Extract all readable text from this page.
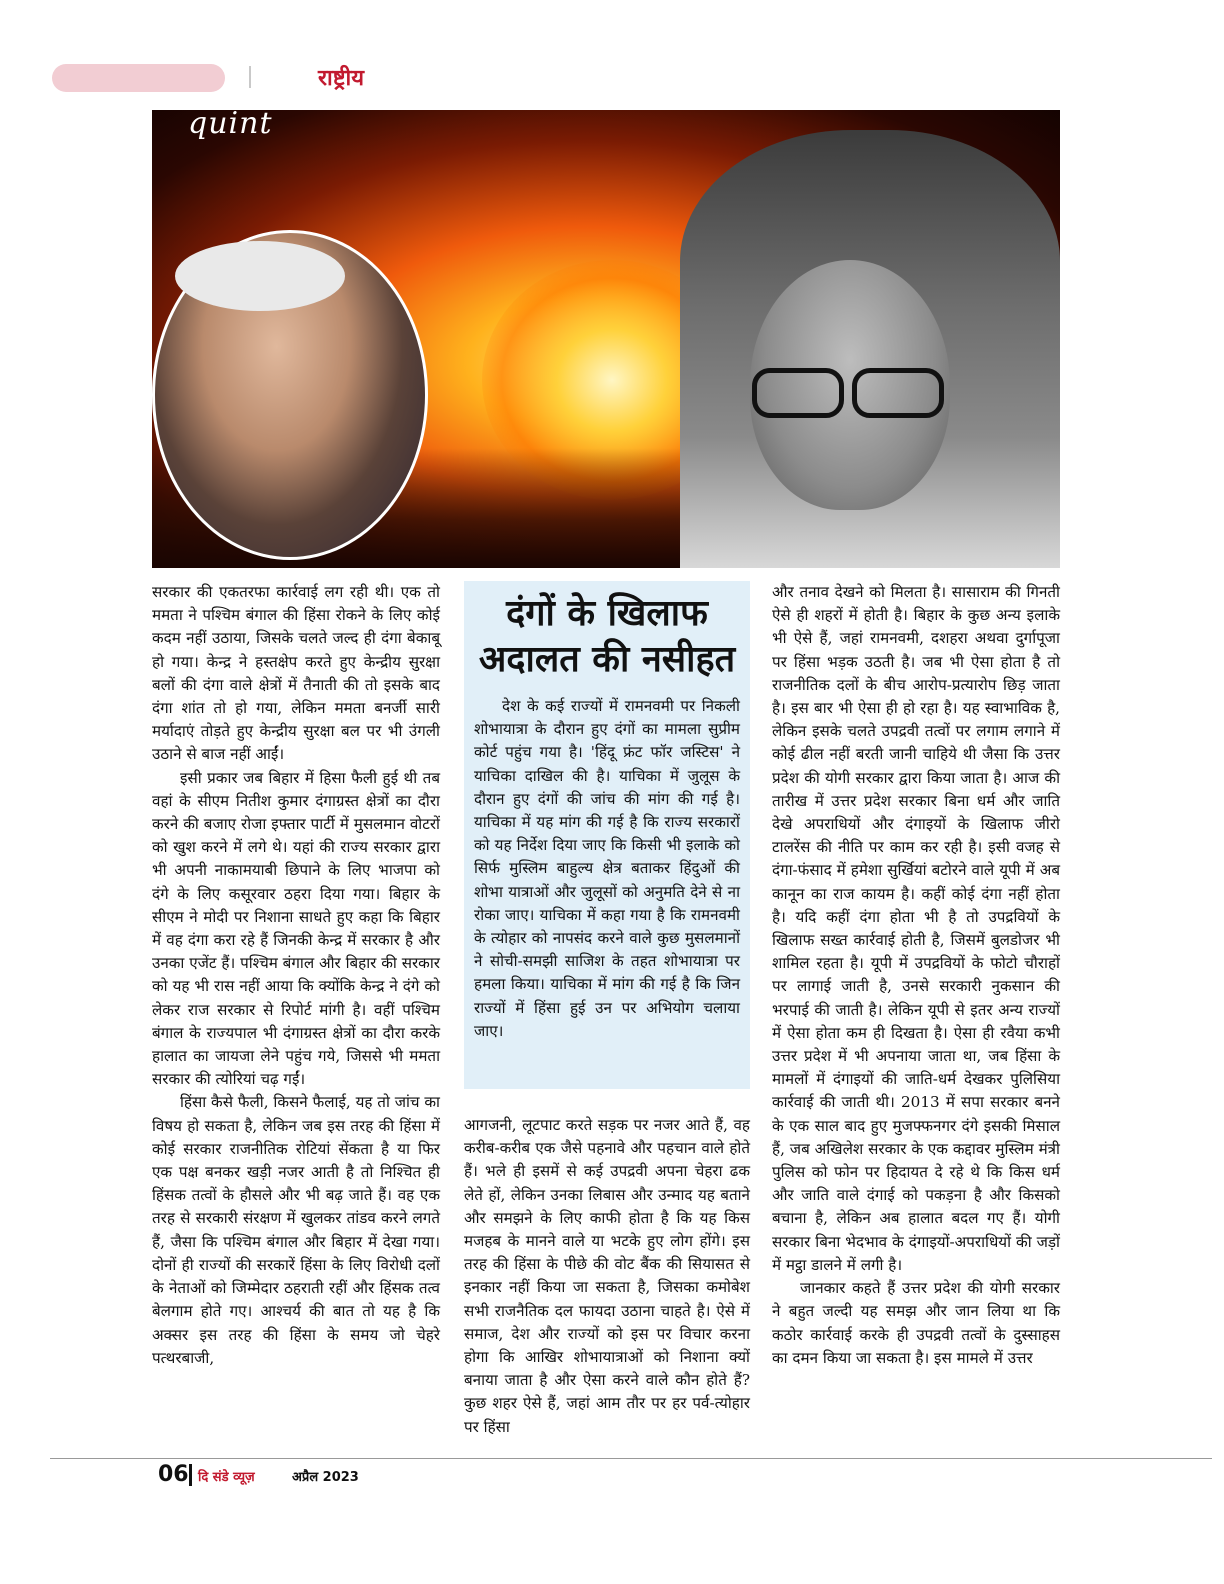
राष्ट्रीय
quint

सरकार की एकतरफा कार्रवाई लग रही थी। एक तो ममता ने पश्चिम बंगाल की हिंसा रोकने के लिए कोई कदम नहीं उठाया, जिसके चलते जल्द ही दंगा बेकाबू हो गया। केन्द्र ने हस्तक्षेप करते हुए केन्द्रीय सुरक्षा बलों की दंगा वाले क्षेत्रों में तैनाती की तो इसके बाद दंगा शांत तो हो गया, लेकिन ममता बनर्जी सारी मर्यादाएं तोड़ते हुए केन्द्रीय सुरक्षा बल पर भी उंगली उठाने से बाज नहीं आईं।

इसी प्रकार जब बिहार में हिसा फैली हुई थी तब वहां के सीएम नितीश कुमार दंगाग्रस्त क्षेत्रों का दौरा करने की बजाए रोजा इफ्तार पार्टी में मुसलमान वोटरों को खुश करने में लगे थे। यहां की राज्य सरकार द्वारा भी अपनी नाकामयाबी छिपाने के लिए भाजपा को दंगे के लिए कसूरवार ठहरा दिया गया। बिहार के सीएम ने मोदी पर निशाना साधते हुए कहा कि बिहार में वह दंगा करा रहे हैं जिनकी केन्द्र में सरकार है और उनका एजेंट हैं। पश्चिम बंगाल और बिहार की सरकार को यह भी रास नहीं आया कि क्योंकि केन्द्र ने दंगे को लेकर राज सरकार से रिपोर्ट मांगी है। वहीं पश्चिम बंगाल के राज्यपाल भी दंगाग्रस्त क्षेत्रों का दौरा करके हालात का जायजा लेने पहुंच गये, जिससे भी ममता सरकार की त्योरियां चढ़ गईं।

हिंसा कैसे फैली, किसने फैलाई, यह तो जांच का विषय हो सकता है, लेकिन जब इस तरह की हिंसा में कोई सरकार राजनीतिक रोटियां सेंकता है या फिर एक पक्ष बनकर खड़ी नजर आती है तो निश्चित ही हिंसक तत्वों के हौसले और भी बढ़ जाते हैं। वह एक तरह से सरकारी संरक्षण में खुलकर तांडव करने लगते हैं, जैसा कि पश्चिम बंगाल और बिहार में देखा गया। दोनों ही राज्यों की सरकारें हिंसा के लिए विरोधी दलों के नेताओं को जिम्मेदार ठहराती रहीं और हिंसक तत्व बेलगाम होते गए। आश्चर्य की बात तो यह है कि अक्सर इस तरह की हिंसा के समय जो चेहरे पत्थरबाजी,

दंगों के खिलाफ अदालत की नसीहत
देश के कई राज्यों में रामनवमी पर निकली शोभायात्रा के दौरान हुए दंगों का मामला सुप्रीम कोर्ट पहुंच गया है। 'हिंदू फ्रंट फॉर जस्टिस' ने याचिका दाखिल की है। याचिका में जुलूस के दौरान हुए दंगों की जांच की मांग की गई है। याचिका में यह मांग की गई है कि राज्य सरकारों को यह निर्देश दिया जाए कि किसी भी इलाके को सिर्फ मुस्लिम बाहुल्य क्षेत्र बताकर हिंदुओं की शोभा यात्राओं और जुलूसों को अनुमति देने से ना रोका जाए। याचिका में कहा गया है कि रामनवमी के त्योहार को नापसंद करने वाले कुछ मुसलमानों ने सोची-समझी साजिश के तहत शोभायात्रा पर हमला किया। याचिका में मांग की गई है कि जिन राज्यों में हिंसा हुई उन पर अभियोग चलाया जाए।

आगजनी, लूटपाट करते सड़क पर नजर आते हैं, वह करीब-करीब एक जैसे पहनावे और पहचान वाले होते हैं। भले ही इसमें से कई उपद्रवी अपना चेहरा ढक लेते हों, लेकिन उनका लिबास और उन्माद यह बताने और समझने के लिए काफी होता है कि यह किस मजहब के मानने वाले या भटके हुए लोग होंगे। इस तरह की हिंसा के पीछे की वोट बैंक की सियासत से इनकार नहीं किया जा सकता है, जिसका कमोबेश सभी राजनैतिक दल फायदा उठाना चाहते है। ऐसे में समाज, देश और राज्यों को इस पर विचार करना होगा कि आखिर शोभायात्राओं को निशाना क्यों बनाया जाता है और ऐसा करने वाले कौन होते हैं? कुछ शहर ऐसे हैं, जहां आम तौर पर हर पर्व-त्योहार पर हिंसा

और तनाव देखने को मिलता है। सासाराम की गिनती ऐसे ही शहरों में होती है। बिहार के कुछ अन्य इलाके भी ऐसे हैं, जहां रामनवमी, दशहरा अथवा दुर्गापूजा पर हिंसा भड़क उठती है। जब भी ऐसा होता है तो राजनीतिक दलों के बीच आरोप-प्रत्यारोप छिड़ जाता है। इस बार भी ऐसा ही हो रहा है। यह स्वाभाविक है, लेकिन इसके चलते उपद्रवी तत्वों पर लगाम लगाने में कोई ढील नहीं बरती जानी चाहिये थी जैसा कि उत्तर प्रदेश की योगी सरकार द्वारा किया जाता है। आज की तारीख में उत्तर प्रदेश सरकार बिना धर्म और जाति देखे अपराधियों और दंगाइयों के खिलाफ जीरो टालरेंस की नीति पर काम कर रही है। इसी वजह से दंगा-फंसाद में हमेशा सुर्खियां बटोरने वाले यूपी में अब कानून का राज कायम है। कहीं कोई दंगा नहीं होता है। यदि कहीं दंगा होता भी है तो उपद्रवियों के खिलाफ सख्त कार्रवाई होती है, जिसमें बुलडोजर भी शामिल रहता है। यूपी में उपद्रवियों के फोटो चौराहों पर लागाई जाती है, उनसे सरकारी नुकसान की भरपाई की जाती है। लेकिन यूपी से इतर अन्य राज्यों में ऐसा होता कम ही दिखता है। ऐसा ही रवैया कभी उत्तर प्रदेश में भी अपनाया जाता था, जब हिंसा के मामलों में दंगाइयों की जाति-धर्म देखकर पुलिसिया कार्रवाई की जाती थी। 2013 में सपा सरकार बनने के एक साल बाद हुए मुजफ्फनगर दंगे इसकी मिसाल हैं, जब अखिलेश सरकार के एक कद्दावर मुस्लिम मंत्री पुलिस को फोन पर हिदायत दे रहे थे कि किस धर्म और जाति वाले दंगाई को पकड़ना है और किसको बचाना है, लेकिन अब हालात बदल गए हैं। योगी सरकार बिना भेदभाव के दंगाइयों-अपराधियों की जड़ों में मट्ठा डालने में लगी है।

जानकार कहते हैं उत्तर प्रदेश की योगी सरकार ने बहुत जल्दी यह समझ और जान लिया था कि कठोर कार्रवाई करके ही उपद्रवी तत्वों के दुस्साहस का दमन किया जा सकता है। इस मामले में उत्तर

06 दि संडे व्यूज़	अप्रैल 2023
